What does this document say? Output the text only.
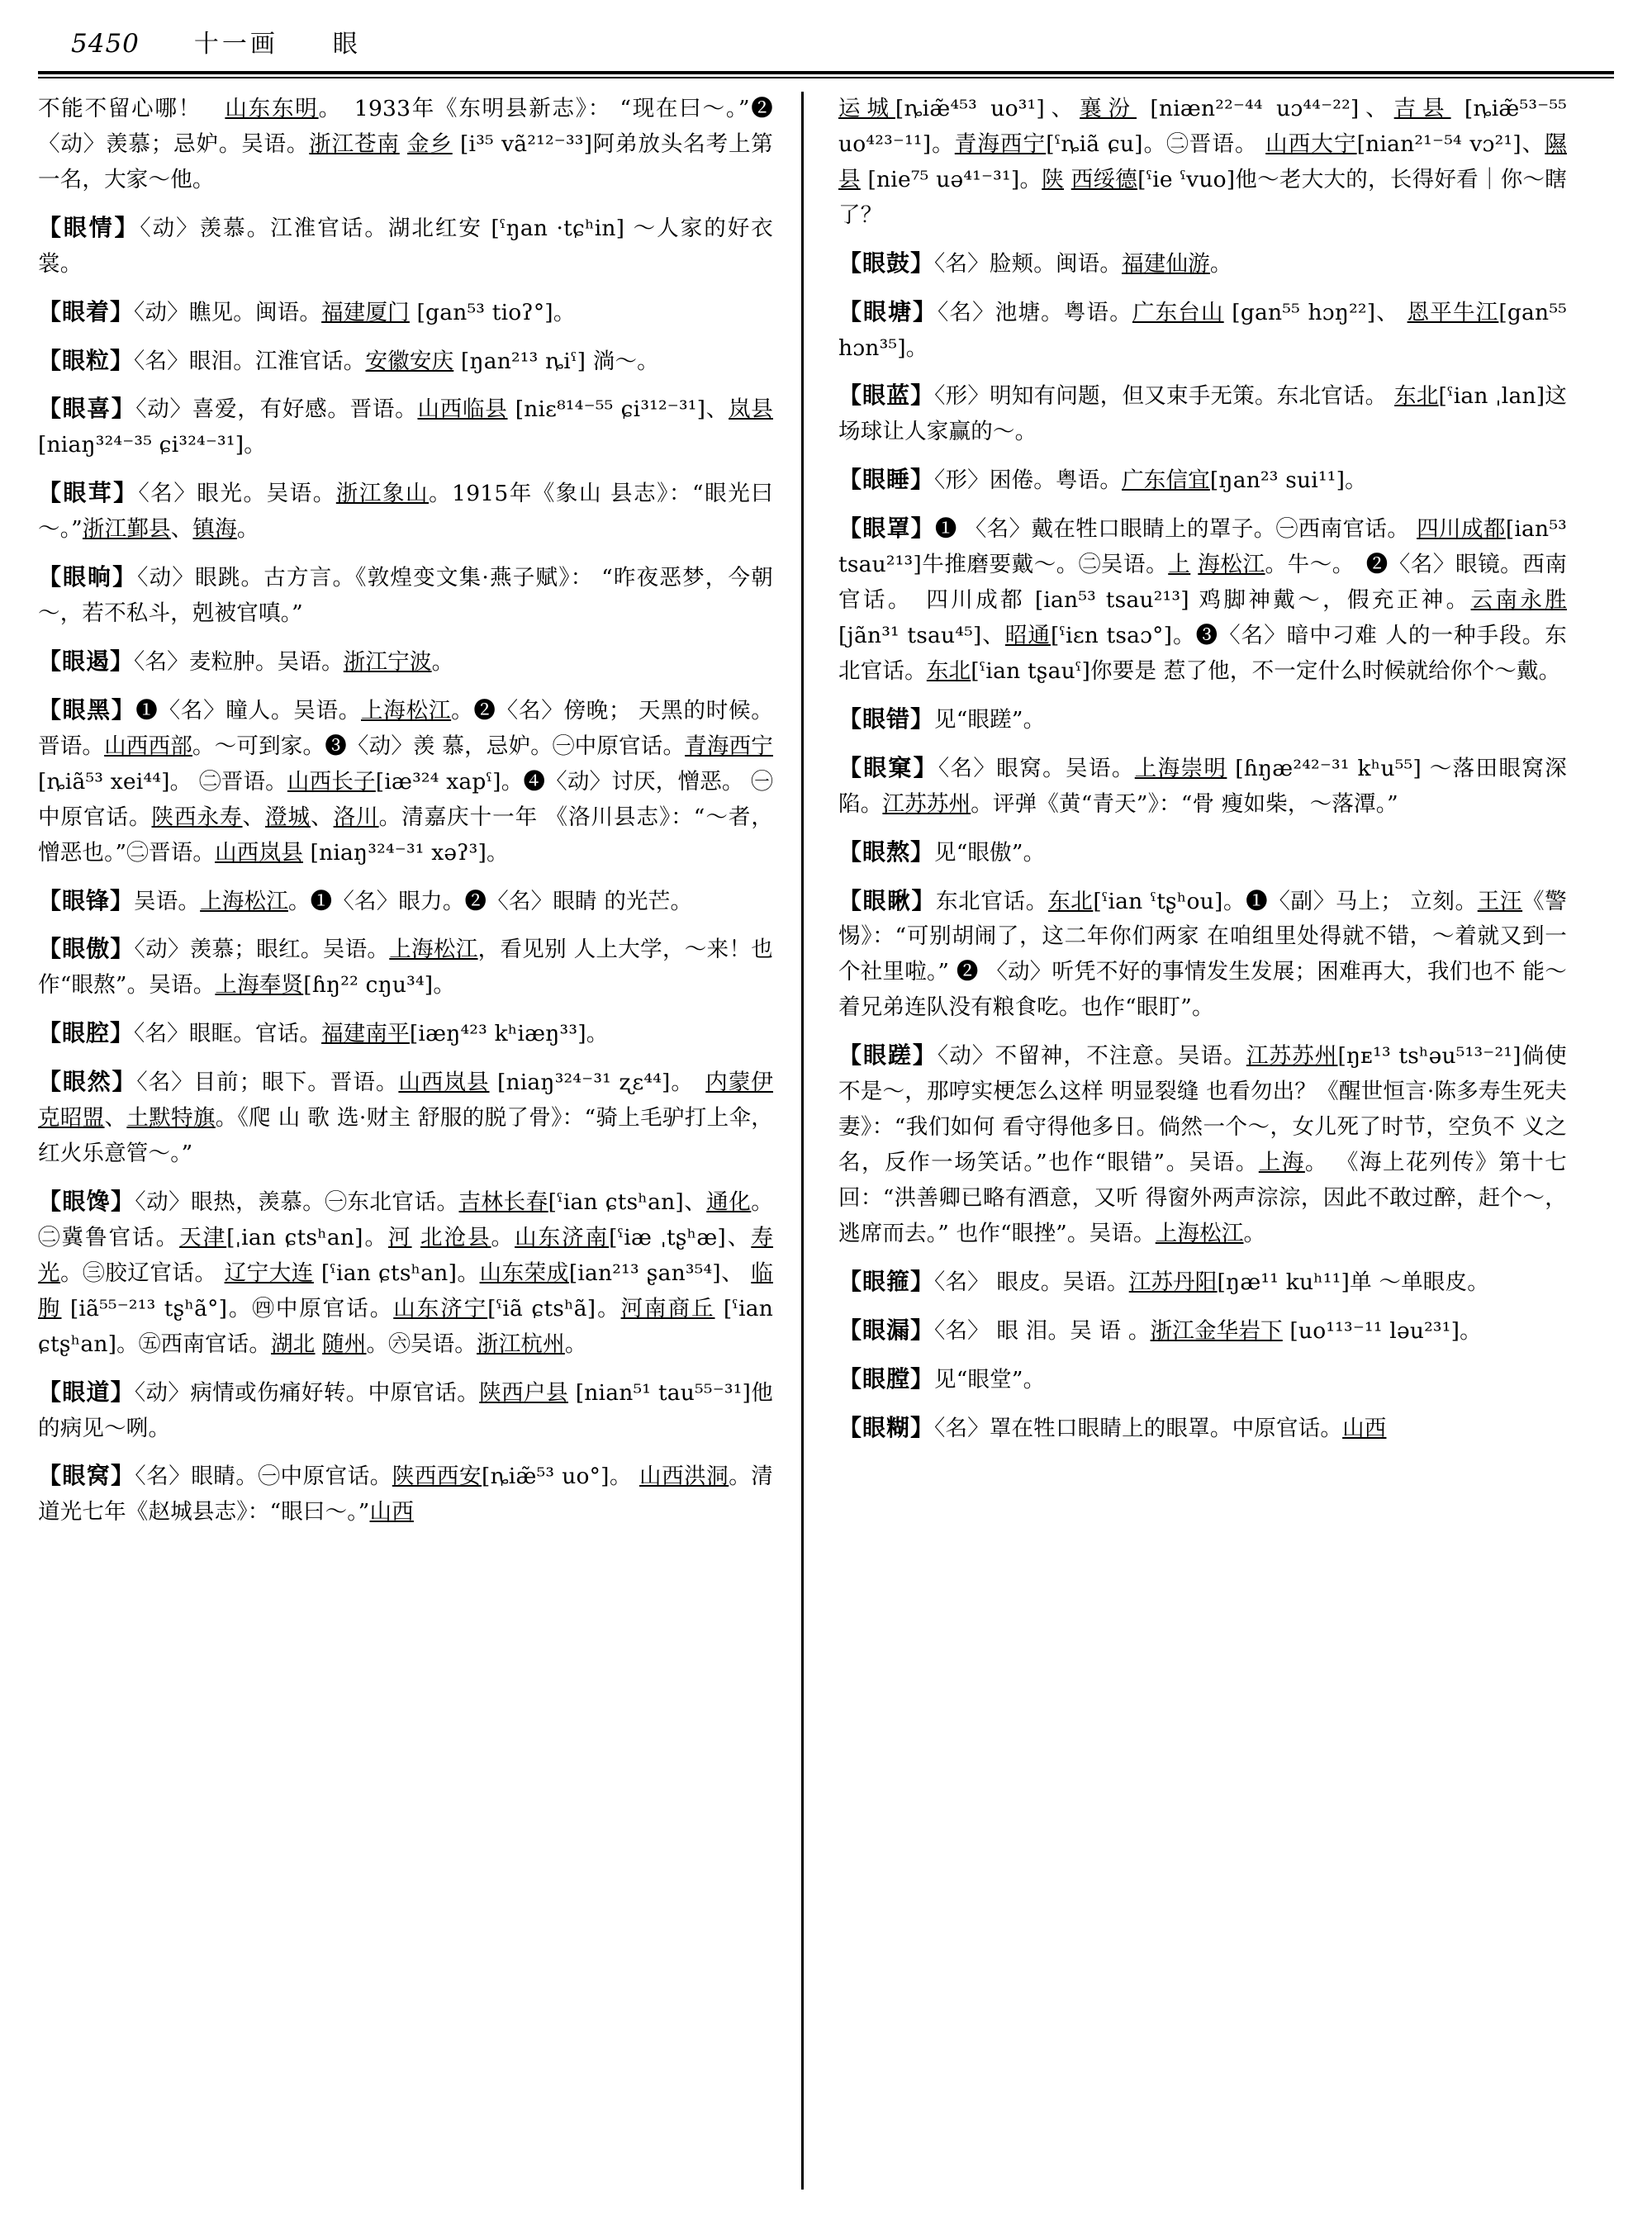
5450 十一画 眼
不能不留心哪！　山东东明。　1933年《东明县新志》： “现在曰～。”❷〈动〉羡慕；忌妒。吴语。浙江苍南 金乡 [i³⁵ vã²¹²⁻³³]阿弟放头名考上第一名，大家～他。
【眼情】〈动〉羡慕。江淮官话。湖北红安 [ˤŋan ·tɕʰin] ～人家的好衣裳。
【眼着】〈动〉瞧见。闽语。福建厦门 [gan⁵³ tioʔ°]。
【眼粒】〈名〉眼泪。江淮官话。安徽安庆 [ŋan²¹³ ȵiˤ] 淌～。
【眼喜】〈动〉喜爱，有好感。晋语。山西临县 [niɛ⁸¹⁴⁻⁵⁵ ɕi³¹²⁻³¹]、岚县 [niaŋ³²⁴⁻³⁵ ɕi³²⁴⁻³¹]。
【眼茸】〈名〉眼光。吴语。浙江象山。1915年《象山 县志》：“眼光曰～。”浙江鄞县、镇海。
【眼晌】〈动〉眼跳。古方言。《敦煌变文集·燕子赋》： “昨夜恶梦，今朝～，若不私斗，剋被官嗔。”
【眼遏】〈名〉麦粒肿。吴语。浙江宁波。
【眼黑】❶〈名〉瞳人。吴语。上海松江。❷〈名〉傍晚； 天黑的时候。晋语。山西西部。～可到家。❸〈动〉羡 慕，忌妒。㊀中原官话。青海西宁 [ȵiã⁵³ xei⁴⁴]。 ㊁晋语。山西长子[iæ³²⁴ xapˤ]。❹〈动〉讨厌，憎恶。 ㊀中原官话。陕西永寿、澄城、洛川。清嘉庆十一年 《洛川县志》：“～者，憎恶也。”㊁晋语。山西岚县 [niaŋ³²⁴⁻³¹ xəʔ³]。
【眼锋】吴语。上海松江。❶〈名〉眼力。❷〈名〉眼睛 的光芒。
【眼傲】〈动〉羡慕；眼红。吴语。上海松江，看见别 人上大学，～来！也作“眼熬”。吴语。上海奉贤[ɦŋ²² cŋu³⁴]。
【眼腔】〈名〉眼眶。官话。福建南平[iæŋ⁴²³ kʰiæŋ³³]。
【眼然】〈名〉目前；眼下。晋语。山西岚县 [niaŋ³²⁴⁻³¹ ʐɛ⁴⁴]。　内蒙伊克昭盟、土默特旗。《爬 山 歌 选·财主 舒服的脱了骨》：“骑上毛驴打上伞，红火乐意管～。”
【眼馋】〈动〉眼热，羡慕。㊀东北官话。吉林长春[ˤian ɕtsʰan]、通化。㊁冀鲁官话。天津[ˌian ɕtsʰan]。河 北沧县。山东济南[ˤiæ ˌtʂʰæ]、寿光。㊂胶辽官话。 辽宁大连 [ˤian ɕtsʰan]。山东荣成[ian²¹³ ʂan³⁵⁴]、 临朐 [iã⁵⁵⁻²¹³ tʂʰã°]。㊃中原官话。山东济宁[ˤiã ɕtsʰã]。河南商丘 [ˤian ɕtʂʰan]。㊄西南官话。湖北 随州。㊅吴语。浙江杭州。
【眼道】〈动〉病情或伤痛好转。中原官话。陕西户县 [nian⁵¹ tau⁵⁵⁻³¹]他的病见～咧。
【眼窝】〈名〉眼睛。㊀中原官话。陕西西安[ȵiæ̃⁵³ uo°]。 山西洪洞。清道光七年《赵城县志》：“眼曰～。”山西
运城[ȵiæ̃⁴⁵³ uo³¹]、襄汾 [niæn²²⁻⁴⁴ uɔ⁴⁴⁻²²]、吉县 [ȵiæ̃⁵³⁻⁵⁵ uo⁴²³⁻¹¹]。青海西宁[ˤȵiã ɕu]。㊁晋语。 山西大宁[nian²¹⁻⁵⁴ vɔ²¹]、隰县 [nie⁷⁵ uə⁴¹⁻³¹]。陕 西绥德[ˤie ˤvuo]他～老大大的，长得好看｜你～瞎 了？
【眼鼓】〈名〉脸颊。闽语。福建仙游。
【眼塘】〈名〉池塘。粤语。广东台山 [gan⁵⁵ hɔŋ²²]、 恩平牛江[gan⁵⁵ hɔn³⁵]。
【眼蓝】〈形〉明知有问题，但又束手无策。东北官话。 东北[ˤian ˌlan]这场球让人家赢的～。
【眼睡】〈形〉困倦。粤语。广东信宜[ŋan²³ sui¹¹]。
【眼罩】❶ 〈名〉戴在牲口眼睛上的罩子。㊀西南官话。 四川成都[ian⁵³ tsau²¹³]牛推磨要戴～。㊁吴语。上 海松江。牛～。　❷〈名〉眼镜。西南官话。　四川成都 [ian⁵³ tsau²¹³] 鸡脚神戴～，假充正神。云南永胜 [jãn³¹ tsau⁴⁵]、昭通[ˤiɛn tsaɔ°]。❸〈名〉暗中刁难 人的一种手段。东北官话。东北[ˤian tʂauˤ]你要是 惹了他，不一定什么时候就给你个～戴。
【眼错】见“眼蹉”。
【眼窠】〈名〉眼窝。吴语。上海崇明 [ɦŋæ²⁴²⁻³¹ kʰu⁵⁵] ～落田眼窝深陷。江苏苏州。评弹《黄“青天”》：“骨 瘦如柴，～落潭。”
【眼熬】见“眼傲”。
【眼瞅】东北官话。东北[ˤian ˤtʂʰou]。❶〈副〉马上； 立刻。王汪《警惕》：“可别胡闹了，这二年你们两家 在咱组里处得就不错，～着就又到一个社里啦。” ❷ 〈动〉听凭不好的事情发生发展；困难再大，我们也不 能～着兄弟连队没有粮食吃。也作“眼盯”。
【眼蹉】〈动〉不留神，不注意。吴语。江苏苏州[ŋᴇ¹³ tsʰəu⁵¹³⁻²¹]倘使不是～，那哼实梗怎么这样 明显裂缝 也看勿出？《醒世恒言·陈多寿生死夫妻》：“我们如何 看守得他多日。倘然一个～，女儿死了时节，空负不 义之名，反作一场笑话。”也作“眼错”。吴语。上海。 《海上花列传》第十七回：“洪善卿已略有酒意，又听 得窗外两声淙淙，因此不敢过醉，赶个～，逃席而去。” 也作“眼挫”。吴语。上海松江。
【眼箍】〈名〉 眼皮。吴语。江苏丹阳[ŋæ¹¹ kuʰ¹¹]单 ～单眼皮。
【眼漏】〈名〉 眼 泪。吴 语 。浙江金华岩下 [uo¹¹³⁻¹¹ ləu²³¹]。
【眼膛】见“眼堂”。
【眼糊】〈名〉罩在牲口眼睛上的眼罩。中原官话。山西
